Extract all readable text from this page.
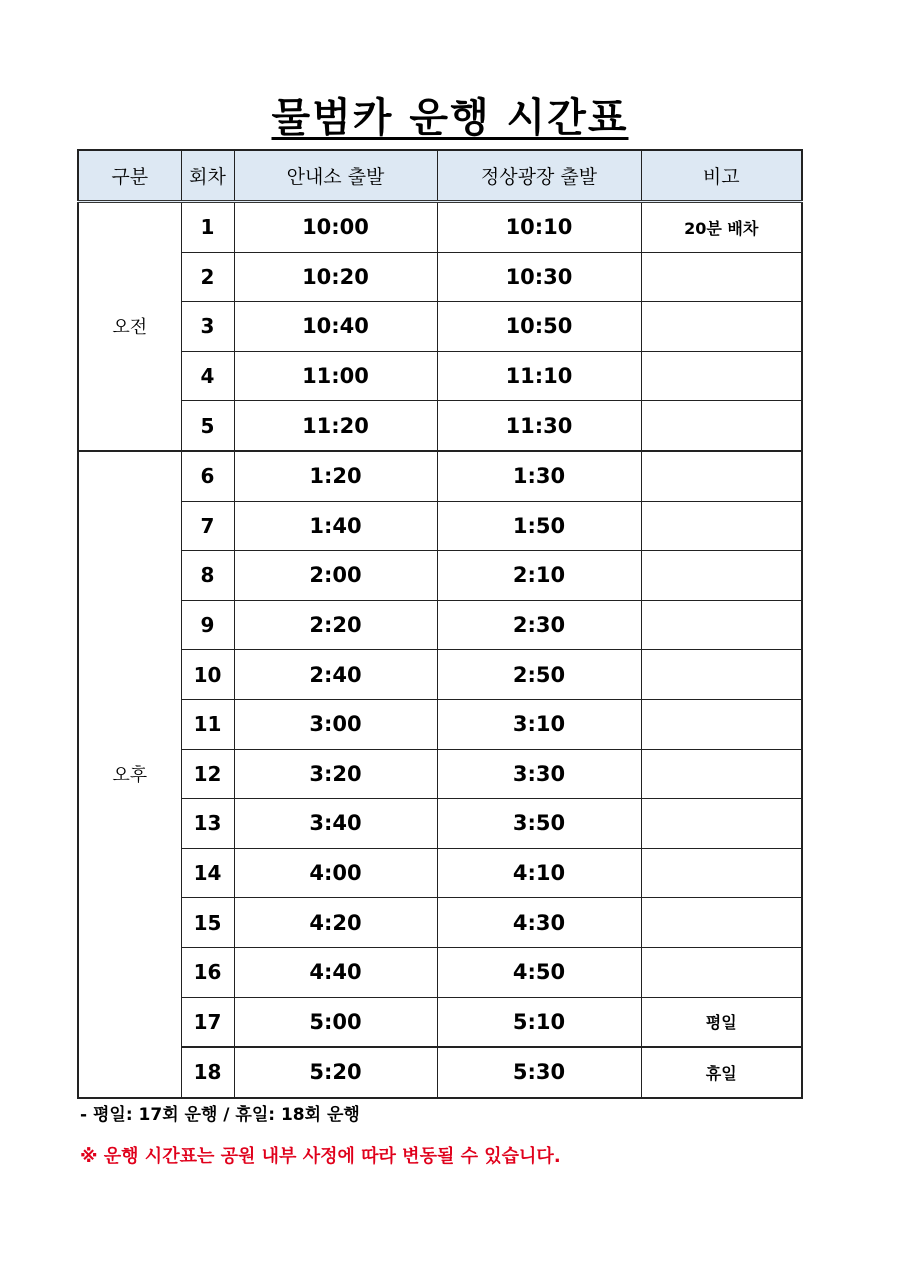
물범카 운행 시간표
구분	회차	안내소 출발	정상광장 출발	비고
오전	1	10:00	10:10	20분 배차
	2	10:20	10:30	
	3	10:40	10:50	
	4	11:00	11:10	
	5	11:20	11:30	
오후	6	1:20	1:30	
	7	1:40	1:50	
	8	2:00	2:10	
	9	2:20	2:30	
	10	2:40	2:50	
	11	3:00	3:10	
	12	3:20	3:30	
	13	3:40	3:50	
	14	4:00	4:10	
	15	4:20	4:30	
	16	4:40	4:50	
	17	5:00	5:10	평일
	18	5:20	5:30	휴일
- 평일: 17회 운행 / 휴일: 18회 운행
※ 운행 시간표는 공원 내부 사정에 따라 변동될 수 있습니다.
